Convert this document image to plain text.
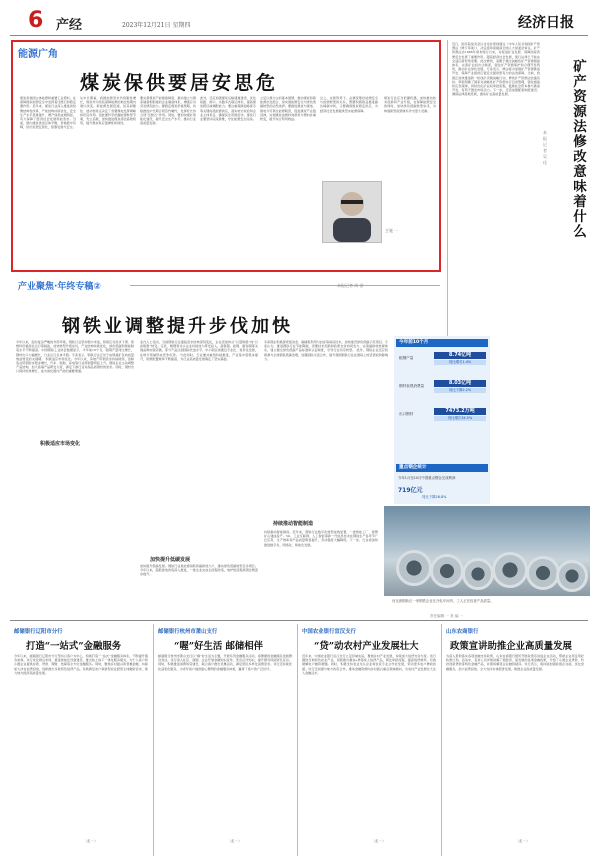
6 产经	2023年12月21日 星期四	经济日报
能源广角
煤炭保供要居安思危
煤炭是我国主体能源和重要工业原料，在保障国家能源安全中发挥着压舱石和稳定器作用。近年来，煤炭行业深入推进供给侧结构性改革，产能结构持续优化，安全生产水平显著提升，增产保供成效明显，有力保障了经济社会发展用能需求。当前，国内煤炭供需总体平衡，价格稳中有降，但仍需居安思危，统筹发展与安全。
从中长期看，我国能源需求仍将刚性增长，煤炭作为兜底保障能源的地位短期内难以改变。新能源发展迅速，但其间歇性、波动性特点决定了需要煤电发挥调峰和托底作用。因此要科学把握能源转型节奏，先立后破，加快推进煤炭清洁高效利用，提升煤炭供应链弹性和韧性。
要完善煤炭产能储备制度，推动建立与国家储备相衔接的企业储备体系，增强应对突发情况能力。要稳定煤炭价格预期，持续推进中长期合同签约履约，发挥好长协合同“压舱石”作用。同时，要加快煤矿智能化建设，提升安全生产水平，推动行业高质量发展。
此外，还应加强煤炭运输通道建设，优化铁路、港口、水路多式联运体系，提高煤炭跨区域调配能力。要注重保障迎峰度冬等关键时段能源供应，落实地方政府和企业主体责任，确保民生用煤需求。煤炭行业要坚持底线思维，守住能源安全底线。
立足以煤为主的基本国情，推动煤炭和新能源优化组合，是实现能源安全与绿色低碳转型的必然选择。要推进煤炭与煤电、煤电与可再生能源联营，促进煤炭产业链延伸，实现煤炭由燃料向原料与燃料并重转变，提升综合利用效益。
总之，在新形势下，必须统筹好能源安全与能源转型的关系，既要积极稳妥推进碳达峰碳中和，又要确保煤炭稳定供应，为经济社会发展提供坚实能源保障。
煤炭行业应当把握机遇，加快推动技术创新和产业升级，在保障能源安全的同时，加快绿色低碳转型步伐，为构建新型能源体系作出更大贡献。
主笔 ···
近日，国务院常务会议讨论并原则通过《中华人民共和国矿产资源法（修订草案）》，决定将草案提请全国人大常委会审议。矿产资源法自1986年颁布施行以来，对促进矿业发展、保障国家资源安全发挥了重要作用。随着经济社会发展，现行法律已不能完全适应新形势需要。此次修改，着眼于健全战略性矿产资源储备体系，完善矿业权出让制度，强化矿产资源保护和合理开发利用，推动矿业绿色发展。专家表示，修法将为加强矿产资源勘查开发、保障产业链供应链安全提供更有力的法治保障。当前，我国正加快推进新一轮找矿突破战略行动，修改矿产资源法恰逢其时。草案明确了国家对战略性矿产资源实行目录管理，强化储备和应急保障，同时优化矿业权审批流程，鼓励社会资本参与勘查开发，有利于激发市场活力。下一步，还需加强配套制度建设，确保法律落地见效，推动矿业高质量发展。
矿产资源法修改意味着什么
本报记者 吴 佳
产业聚焦·年终专稿②	本报记者 周 雷
钢铁业调整提升步伐加快
今年以来，面对复杂严峻的外部环境，钢铁行业坚持稳中求进，积极应对需求下滑、原燃料价格高位运行等挑战，加快转型升级步伐，产业结构持续优化，绿色低碳和智能制造水平不断提高。中国钢铁工业协会数据显示，今年前10个月，粗钢产量同比增长，钢材出口大幅增长，行业运行总体平稳。专家表示，钢铁行业正处于由规模扩张向质量效益转变的关键期。 积极适应市场变化。今年以来，房地产用钢需求持续疲弱，但制造业用钢需求稳步增长，汽车、船舶、家电等行业用钢量明显上升。钢铁企业主动调整产品结构，加大高端产品研发力度，满足下游行业对高品质钢材的需求。同时，钢材出口保持较快增长，成为消化国内产能的重要渠道。
业内人士指出，当前钢铁行业面临需求结构深刻变化，企业需加快从“以量取胜”向“以质取胜”转变。宝武、鞍钢等龙头企业持续加大研发投入，高强钢、硅钢、耐蚀钢等关键品种实现突破，部分产品达到国际先进水平。中小钢企则通过专业化、差异化发展，在细分领域形成竞争优势。 与此同时，行业兼并重组持续推进，产业集中度稳步提升，资源配置效率不断提高，为行业高质量发展奠定了坚实基础。
加快提升低碳发展。钢铁行业是能源消耗和碳排放大户，推动绿色低碳转型任务艰巨。今年以来，超低排放改造深入推进，一批企业完成全流程改造，电炉短流程炼钢比例逐步提升。
多家钢企积极探索氢冶金、碳捕集利用与封存等前沿技术，加快建设绿色低碳示范项目。专家认为，推进钢铁行业节能降碳，需要技术创新和政策支持协同发力，完善碳排放核算体系，建立健全绿色低碳产品标准和认证制度，引导行业有序转型。 此外，钢铁企业还应积极参与全球钢铁低碳治理，加强国际交流合作，提升我国钢铁行业在国际上的话语权和影响力。
持续推动智能制造。近年来，钢铁行业数字化转型成效显著，一批智能工厂、智慧矿山建成投产。5G、工业互联网、人工智能等新一代信息技术在钢铁生产各环节广泛应用，生产效率和产品质量明显提升，劳动强度大幅降低。下一步，行业将加快推进数字化、网络化、智能化发展。
积极适应市场变化
加快提升低碳发展
持续推动智能制造
今年前10个月
粗钢产量	8.74亿吨
同比增长1.4%
钢材表观消费量	8.03亿吨
同比下降2.2%
出口钢材	7473.2万吨
同比增长34.5%
重点钢企统计
今年1月至10月中国重点钢企完成利润
719亿元
同比下降26.8%
河北唐钢新区一家钢铁企业在冷轧车间内，工人正在检查产品质量。
责任编辑 ··· 美 编 ···
邮储银行辽阳市分行
打造“一站式”金融服务
今年以来，邮储银行辽阳市分行坚持以客户为中心，积极打造“一站式”金融服务体系，不断提升服务质效。该行优化网点布局，推进智能化设备建设，推出线上线下一体化服务模式，为个人客户和小微企业提供存款、贷款、理财、结算等全方位金融服务。同时，聚焦乡村振兴和普惠金融，持续加大涉农信贷投放，创新推出多款特色信贷产品，有效满足农户和新型农业经营主体融资需求，助力地方经济高质量发展。
（孟 ···）
邮储银行杭州市萧山支行
“喔”好生活 邮储相伴
邮储银行杭州市萧山支行以“喔”好生活为主题，开展系列金融服务活动，将便捷的金融服务送到群众身边。该行深入社区、商圈、企业开展金融知识宣传，普及反诈知识，提升群众风险防范意识。同时，积极推进消费场景建设，联合商户推出优惠活动，满足居民多样化消费需求。该行还持续优化适老化服务，为老年客户提供贴心便利的金融服务体验，赢得了客户的广泛好评。
（孟 ···）
中国农业银行宣汉支行
“贷”动农村产业发展壮大
近年来，中国农业银行宣汉支行立足县域实际，聚焦乡村产业发展，持续加大信贷支持力度。该行围绕当地特色农业产业，创新推出惠农e贷等线上信贷产品，简化审批流程，提高放贷效率，有效破解农户融资难题。同时，积极支持农业龙头企业和农民专业合作社发展，带动更多农户增收致富。该行还加强与地方政府合作，推动金融资源向乡村振兴重点领域倾斜，为农村产业发展壮大注入金融活水。
（孟 ···）
山东农商银行
政策宣讲助推企业高质量发展
为深入贯彻落实各项金融支持政策，山东农商银行组织开展政策宣讲进企业活动，帮助企业用足用好政策红利。活动中，宣讲人员详细讲解了稳经济、促发展的各项金融政策，介绍了小微企业贷款、科技创新贷款等特色金融产品，并现场解答企业融资疑问。该行表示，将持续加强政银企对接，优化金融服务，加大信贷投放，全力支持实体经济发展，助推企业高质量发展。
（孟 ···）
